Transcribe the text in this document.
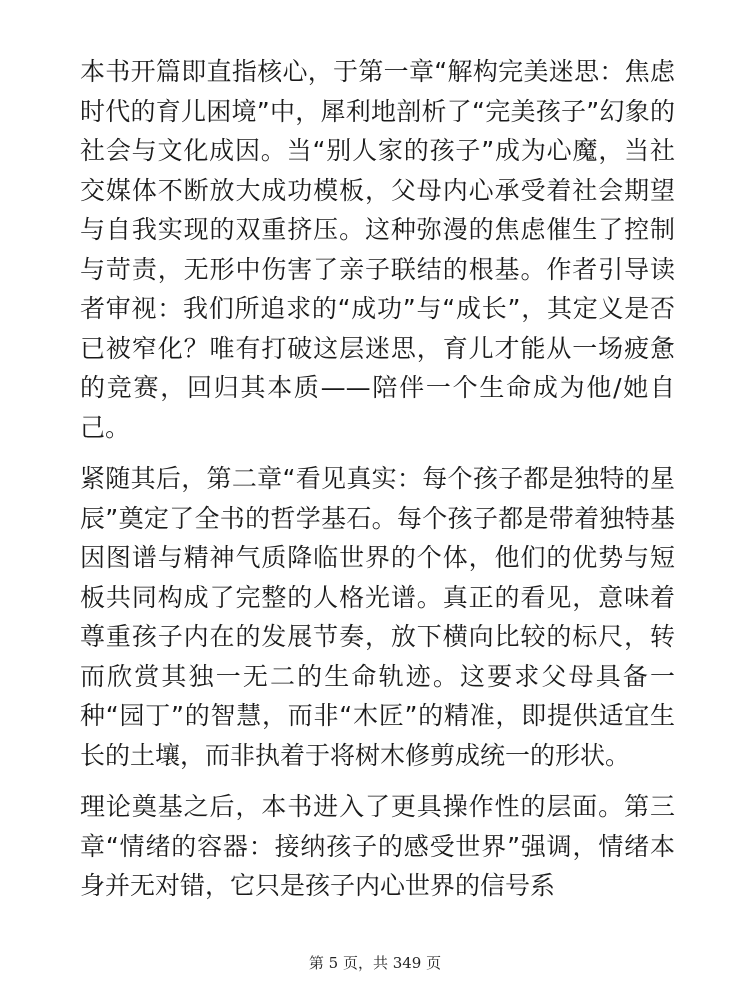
本书开篇即直指核心，于第一章“解构完美迷思：焦虑时代的育儿困境”中，犀利地剖析了“完美孩子”幻象的社会与文化成因。当“别人家的孩子”成为心魔，当社交媒体不断放大成功模板，父母内心承受着社会期望与自我实现的双重挤压。这种弥漫的焦虑催生了控制与苛责，无形中伤害了亲子联结的根基。作者引导读者审视：我们所追求的“成功”与“成长”，其定义是否已被窄化？唯有打破这层迷思，育儿才能从一场疲惫的竞赛，回归其本质——陪伴一个生命成为他/她自己。

紧随其后，第二章“看见真实：每个孩子都是独特的星辰”奠定了全书的哲学基石。每个孩子都是带着独特基因图谱与精神气质降临世界的个体，他们的优势与短板共同构成了完整的人格光谱。真正的看见，意味着尊重孩子内在的发展节奏，放下横向比较的标尺，转而欣赏其独一无二的生命轨迹。这要求父母具备一种“园丁”的智慧，而非“木匠”的精准，即提供适宜生长的土壤，而非执着于将树木修剪成统一的形状。

理论奠基之后，本书进入了更具操作性的层面。第三章“情绪的容器：接纳孩子的感受世界”强调，情绪本身并无对错，它只是孩子内心世界的信号系

第 5 页，共 349 页
